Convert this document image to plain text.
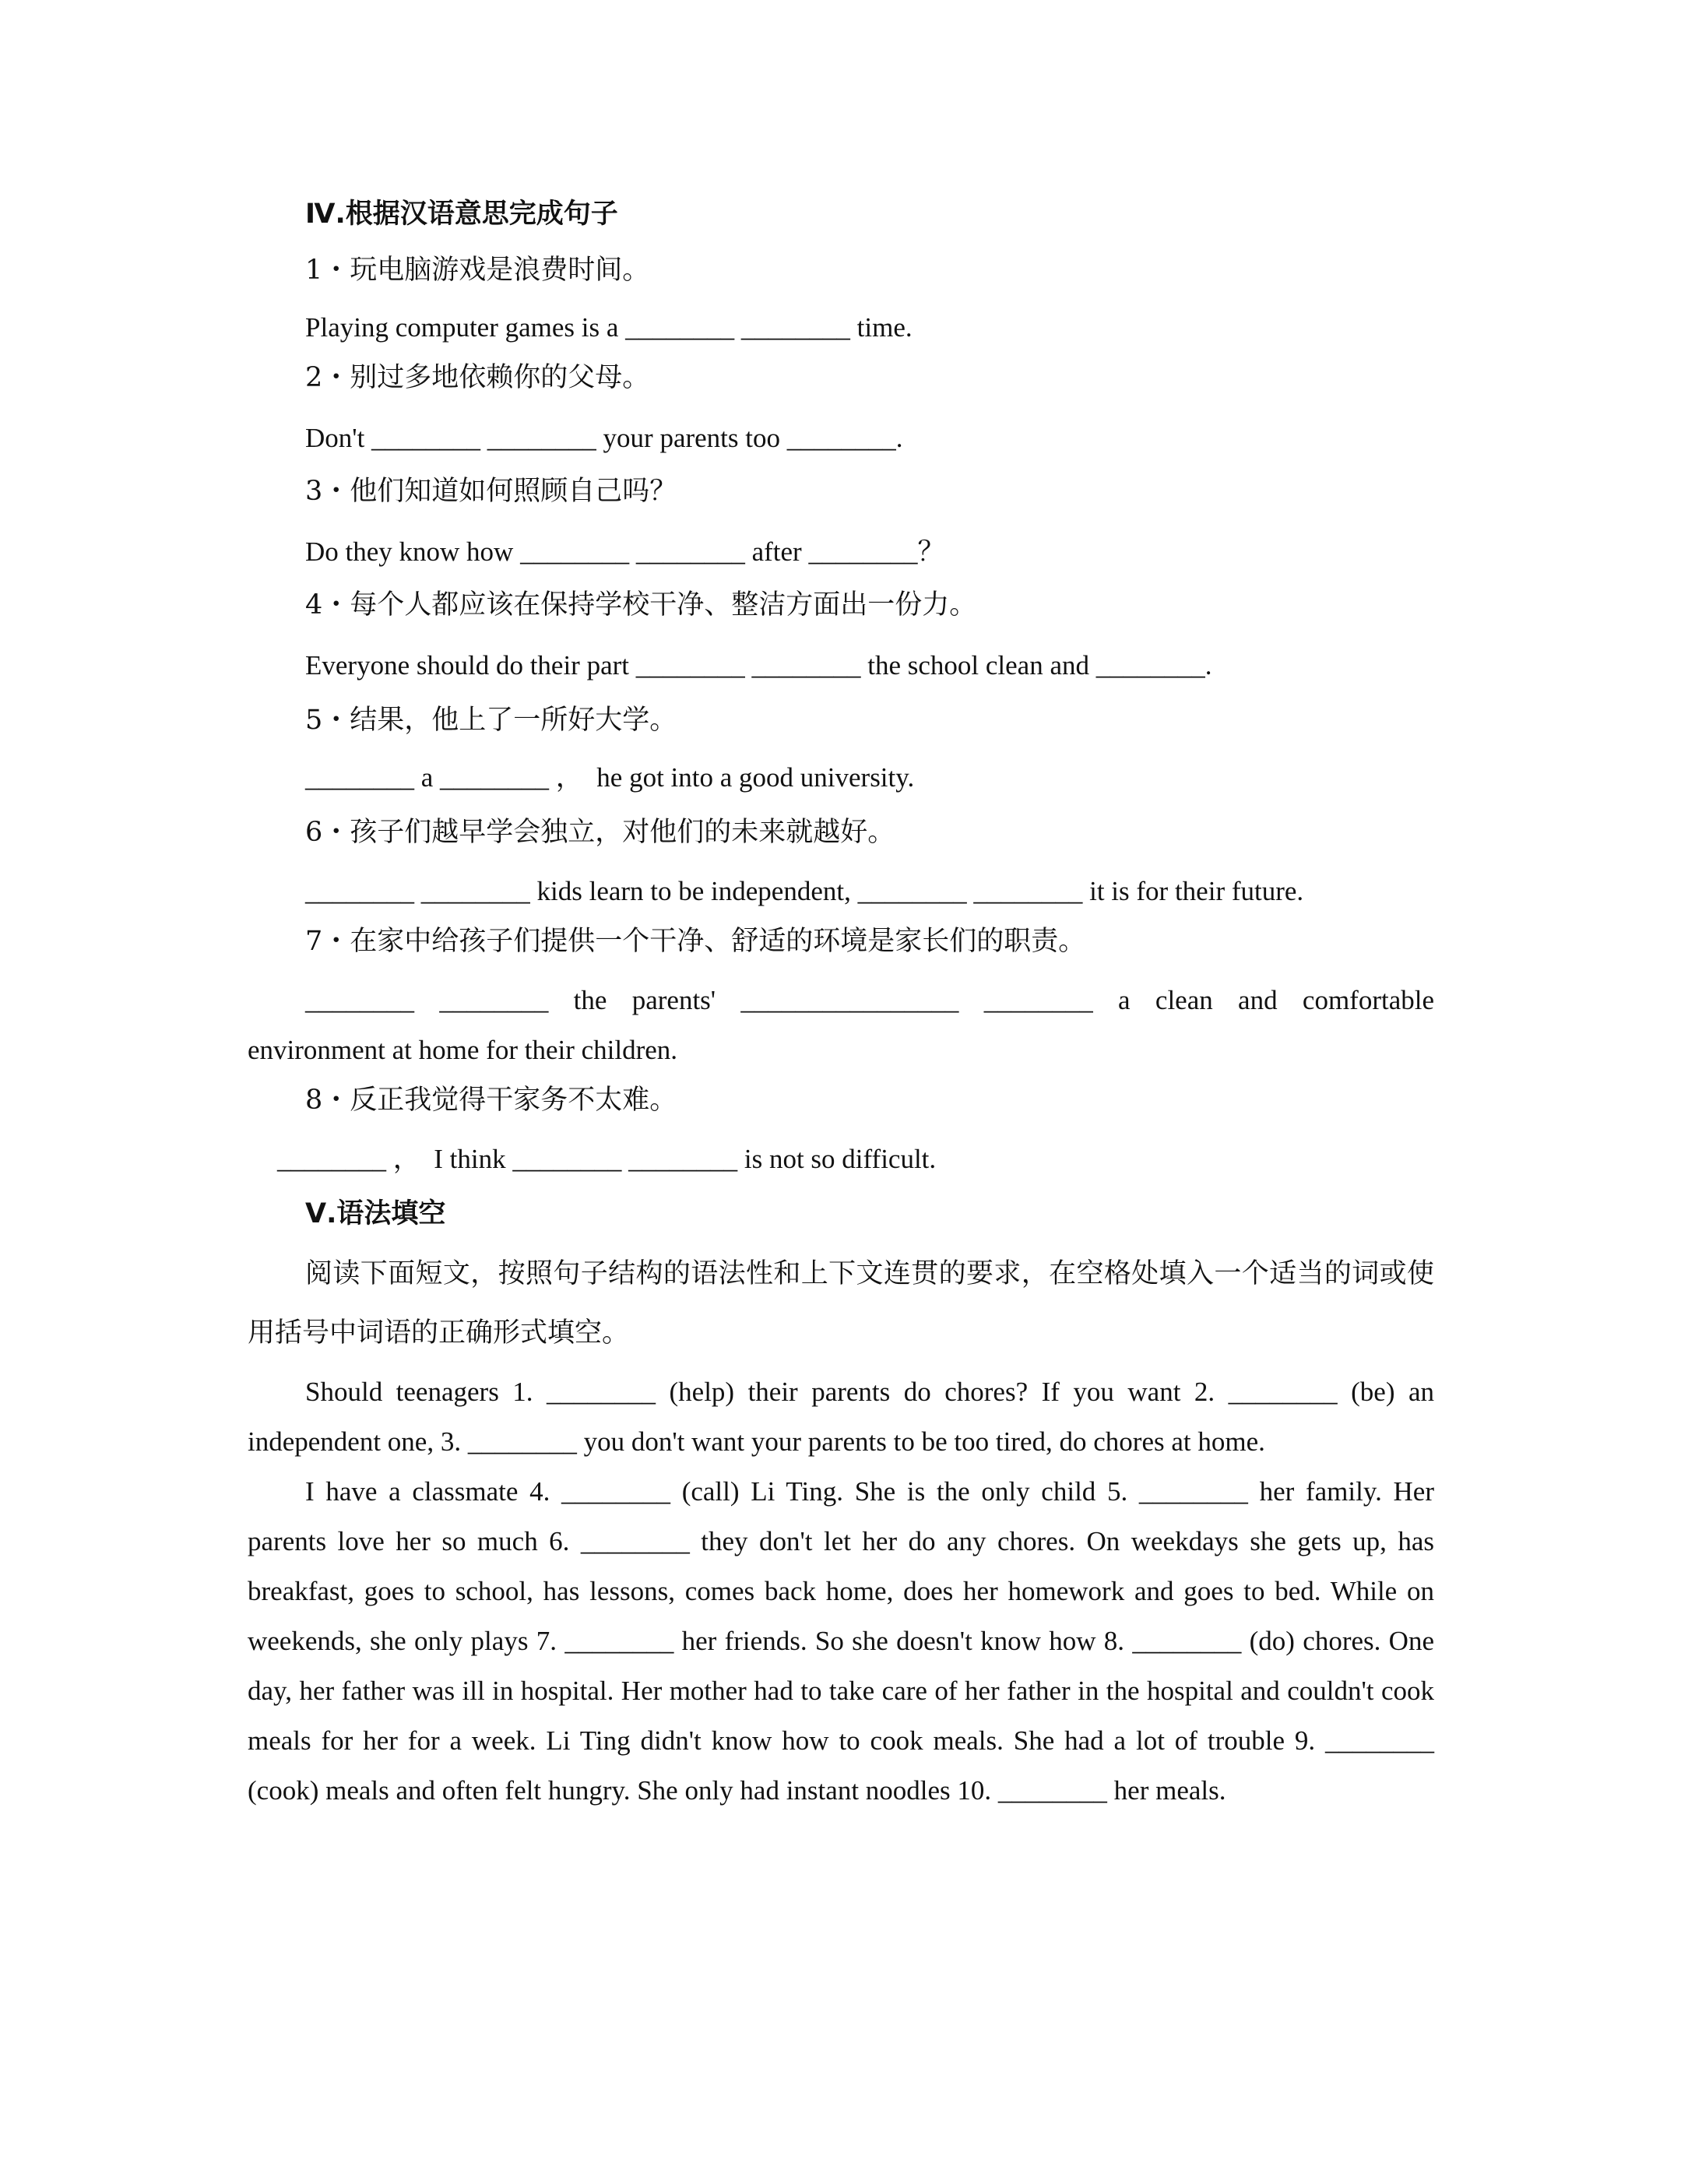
Ⅳ.根据汉语意思完成句子

1・玩电脑游戏是浪费时间。

Playing computer games is a ________ ________ time.

2・别过多地依赖你的父母。

Don't ________ ________ your parents too ________.

3・他们知道如何照顾自己吗？

Do they know how ________ ________ after ________？

4・每个人都应该在保持学校干净、整洁方面出一份力。

Everyone should do their part ________ ________ the school clean and ________.

5・结果，他上了一所好大学。

________ a ________ ，  he got into a good university.

6・孩子们越早学会独立，对他们的未来就越好。

________ ________ kids learn to be independent, ________ ________ it is for their future.

7・在家中给孩子们提供一个干净、舒适的环境是家长们的职责。

________ ________ the parents' ________________ ________ a clean and comfortable

environment at home for their children.

8・反正我觉得干家务不太难。

________ ，  I think ________ ________ is not so difficult.

Ⅴ.语法填空

阅读下面短文，按照句子结构的语法性和上下文连贯的要求，在空格处填入一个适当的词或使用括号中词语的正确形式填空。

Should teenagers 1. ________ (help) their parents do chores? If you want 2. ________ (be) an independent one, 3. ________ you don't want your parents to be too tired, do chores at home.

I have a classmate 4. ________ (call) Li Ting. She is the only child 5. ________ her family. Her parents love her so much 6. ________ they don't let her do any chores. On weekdays she gets up, has breakfast, goes to school, has lessons, comes back home, does her homework and goes to bed. While on weekends, she only plays 7. ________ her friends. So she doesn't know how 8. ________ (do) chores. One day, her father was ill in hospital. Her mother had to take care of her father in the hospital and couldn't cook meals for her for a week. Li Ting didn't know how to cook meals. She had a lot of trouble 9. ________ (cook) meals and often felt hungry. She only had instant noodles 10. ________ her meals.
